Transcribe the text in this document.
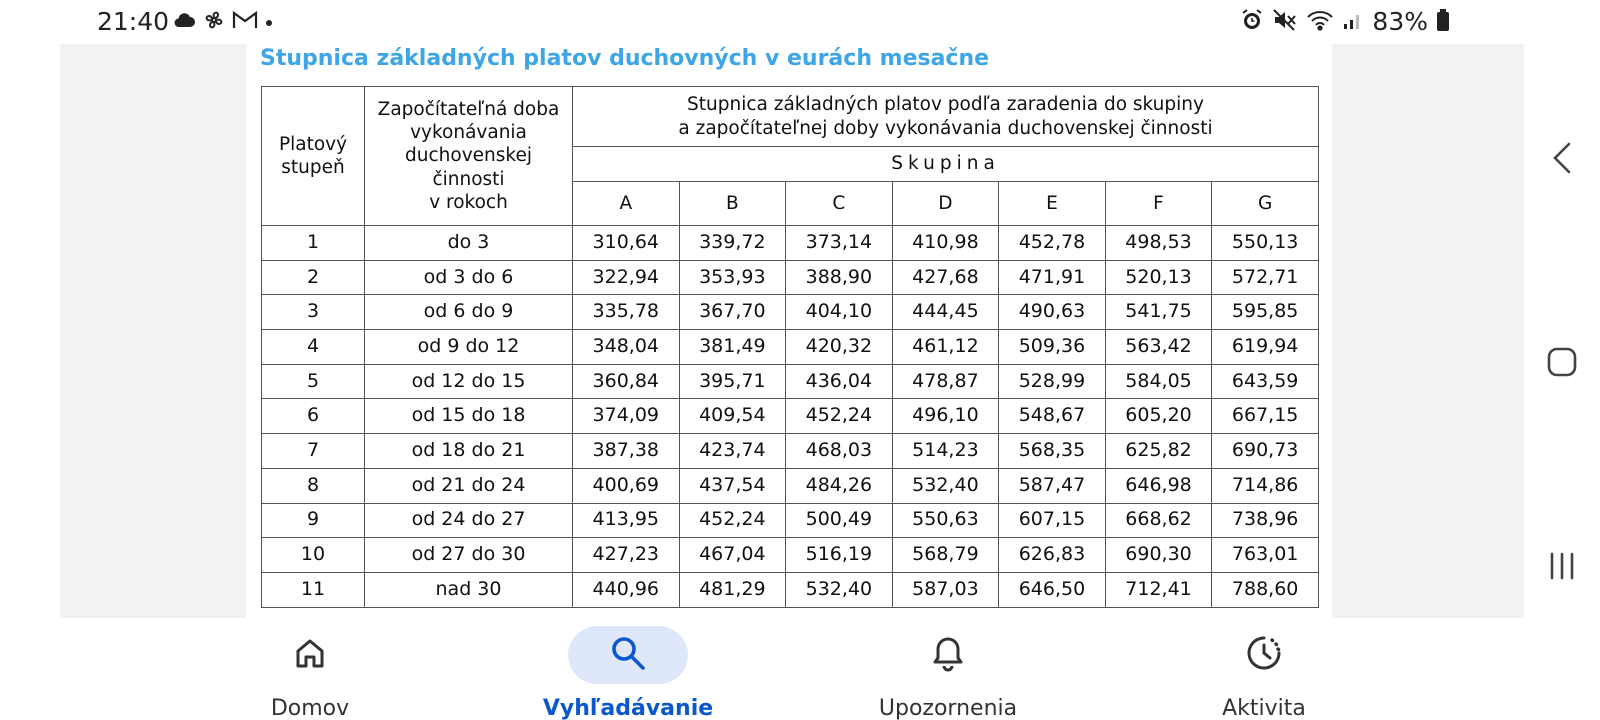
21:40	83%
Stupnica základných platov duchovných v eurách mesačne
Platový
stupeň	Započítateľná doba
vykonávania
duchovenskej
činnosti
v rokoch	Stupnica základných platov podľa zaradenia do skupiny
a započítateľnej doby vykonávania duchovenskej činnosti						
		Skupina						
		A	B	C	D	E	F	G
1	do 3	310,64	339,72	373,14	410,98	452,78	498,53	550,13
2	od 3 do 6	322,94	353,93	388,90	427,68	471,91	520,13	572,71
3	od 6 do 9	335,78	367,70	404,10	444,45	490,63	541,75	595,85
4	od 9 do 12	348,04	381,49	420,32	461,12	509,36	563,42	619,94
5	od 12 do 15	360,84	395,71	436,04	478,87	528,99	584,05	643,59
6	od 15 do 18	374,09	409,54	452,24	496,10	548,67	605,20	667,15
7	od 18 do 21	387,38	423,74	468,03	514,23	568,35	625,82	690,73
8	od 21 do 24	400,69	437,54	484,26	532,40	587,47	646,98	714,86
9	od 24 do 27	413,95	452,24	500,49	550,63	607,15	668,62	738,96
10	od 27 do 30	427,23	467,04	516,19	568,79	626,83	690,30	763,01
11	nad 30	440,96	481,29	532,40	587,03	646,50	712,41	788,60
Domov	Vyhľadávanie	Upozornenia	Aktivita
